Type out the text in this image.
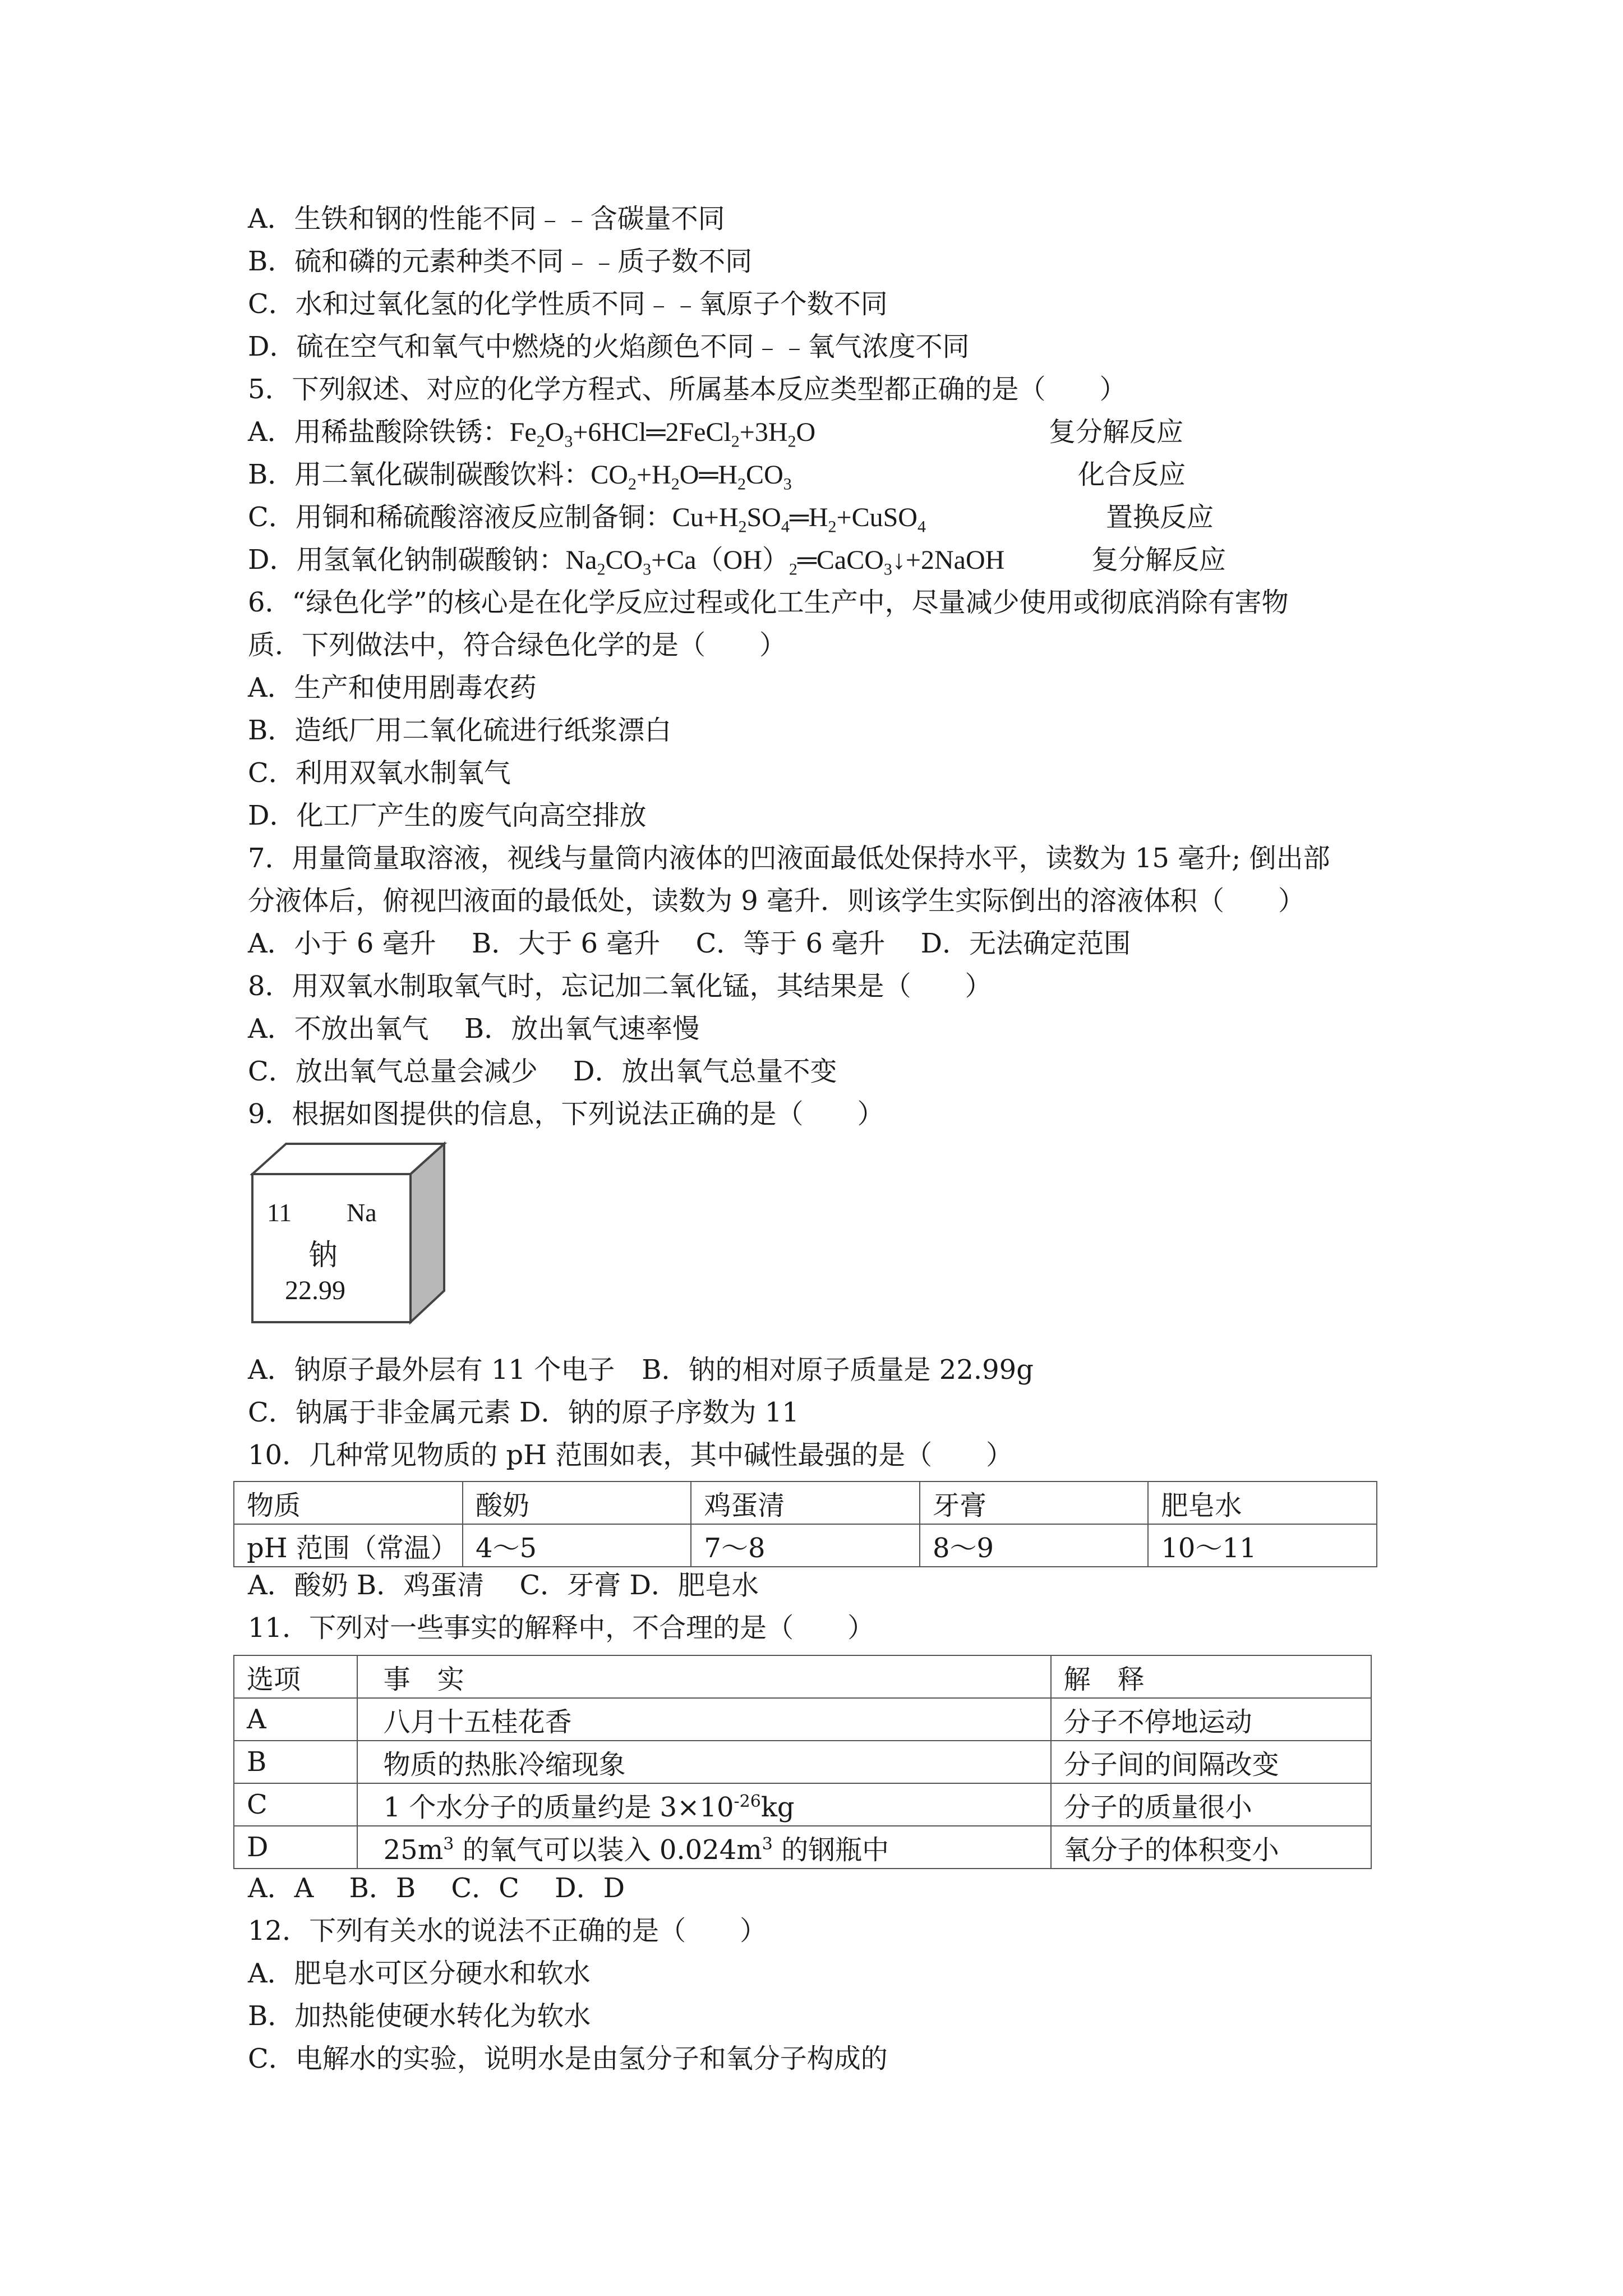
A．生铁和钢的性能不同﹣﹣含碳量不同
B．硫和磷的元素种类不同﹣﹣质子数不同
C．水和过氧化氢的化学性质不同﹣﹣氧原子个数不同
D．硫在空气和氧气中燃烧的火焰颜色不同﹣﹣氧气浓度不同
5．下列叙述、对应的化学方程式、所属基本反应类型都正确的是（　　）
A．用稀盐酸除铁锈：$Fe_2O_3+6HCl═2FeCl_2+3H_2O$	复分解反应
B．用二氧化碳制碳酸饮料：$CO_2+H_2O═H_2CO_3$	化合反应
C．用铜和稀硫酸溶液反应制备铜：$Cu+H_2SO_4═H_2+CuSO_4$	置换反应
D．用氢氧化钠制碳酸钠：$Na_2CO_3+Ca(OH)_2═CaCO_3↓+2NaOH$	复分解反应
6．“绿色化学”的核心是在化学反应过程或化工生产中，尽量减少使用或彻底消除有害物
质．下列做法中，符合绿色化学的是（　　）
A．生产和使用剧毒农药
B．造纸厂用二氧化硫进行纸浆漂白
C．利用双氧水制氧气
D．化工厂产生的废气向高空排放
7．用量筒量取溶液，视线与量筒内液体的凹液面最低处保持水平，读数为 15 毫升; 倒出部
分液体后，俯视凹液面的最低处，读数为 9 毫升．则该学生实际倒出的溶液体积（　　）
A．小于 6 毫升　 B．大于 6 毫升　 C．等于 6 毫升　 D．无法确定范围
8．用双氧水制取氧气时，忘记加二氧化锰，其结果是（　　）
A．不放出氧气　 B．放出氧气速率慢
C．放出氧气总量会减少　 D．放出氧气总量不变
9．根据如图提供的信息，下列说法正确的是（　　）
11 Na
钠
22.99
A．钠原子最外层有 11 个电子　B．钠的相对原子质量是 22.99g
C．钠属于非金属元素 D．钠的原子序数为 11
10．几种常见物质的 pH 范围如表，其中碱性最强的是（　　）
物质	酸奶	鸡蛋清	牙膏	肥皂水
pH 范围（常温）	4～5	7～8	8～9	10～11
A．酸奶 B．鸡蛋清　 C．牙膏 D．肥皂水
11．下列对一些事实的解释中，不合理的是（　　）
选项	事　实	解　释
A	八月十五桂花香	分子不停地运动
B	物质的热胀冷缩现象	分子间的间隔改变
C	1 个水分子的质量约是 $3\times 10^{-26}kg$	分子的质量很小
D	$25m^3$ 的氧气可以装入 $0.024m^3$ 的钢瓶中	氧分子的体积变小
A．A　 B．B　 C．C　 D．D
12．下列有关水的说法不正确的是（　　）
A．肥皂水可区分硬水和软水
B．加热能使硬水转化为软水
C．电解水的实验，说明水是由氢分子和氧分子构成的
